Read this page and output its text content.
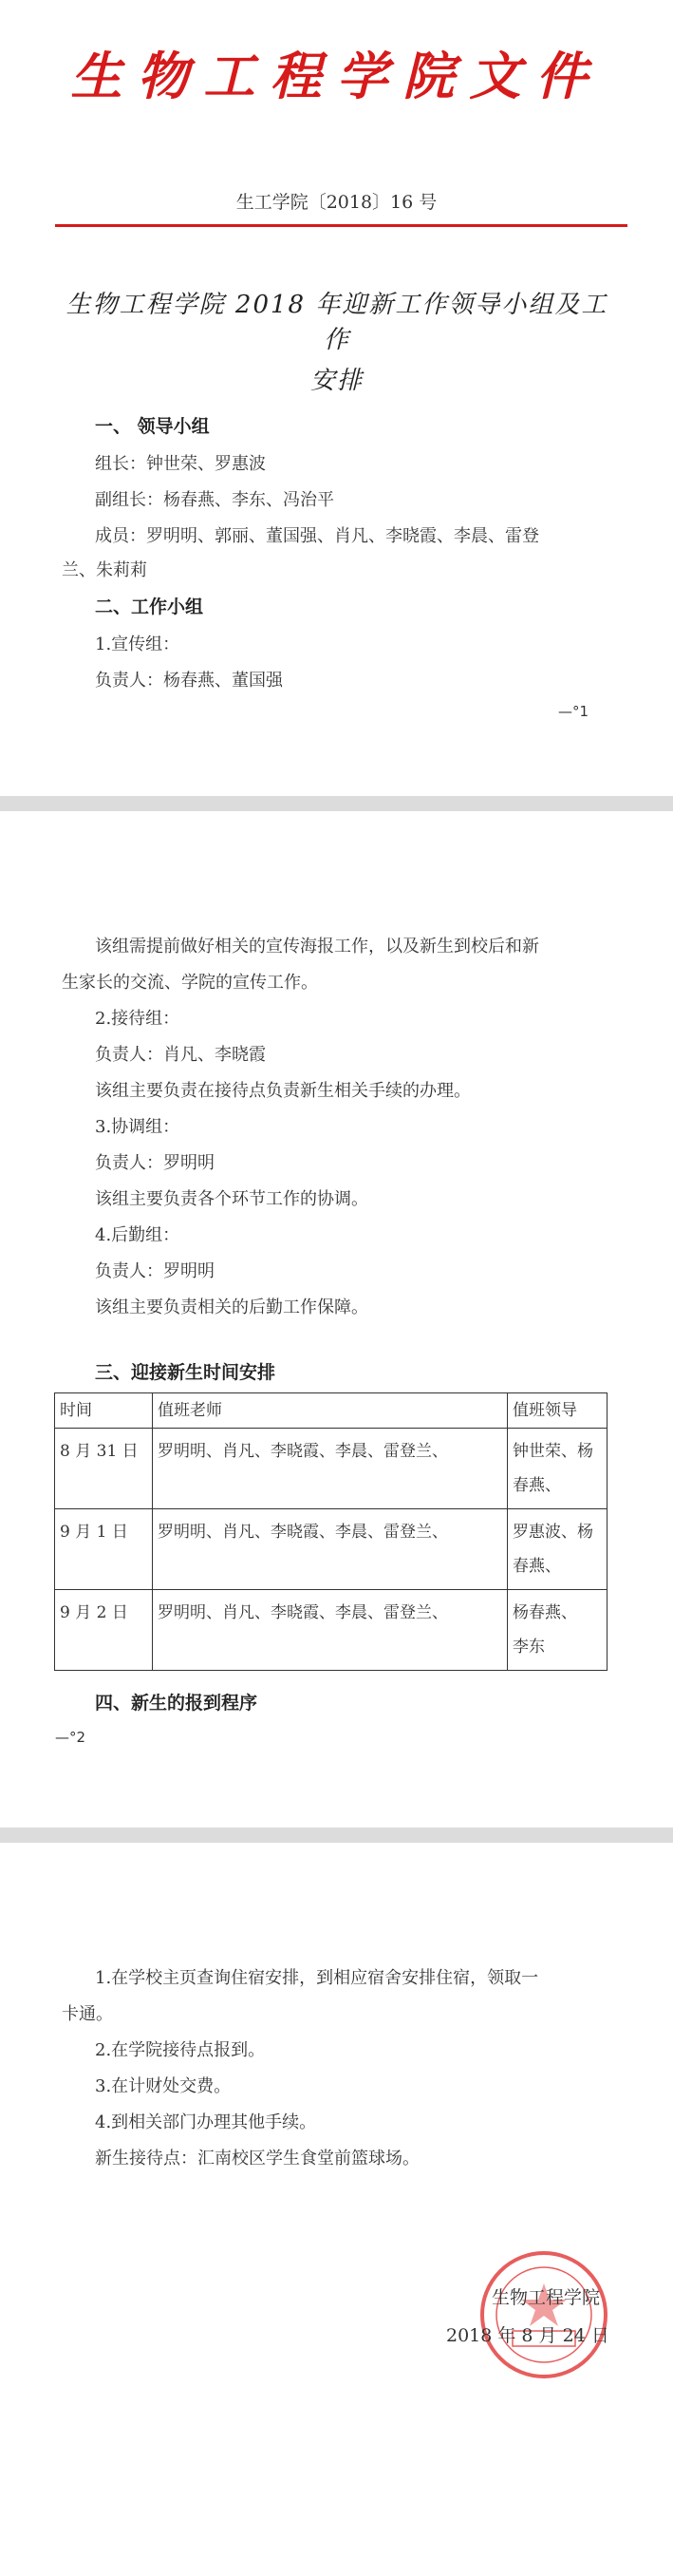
生物工程学院文件
生工学院〔2018〕16 号
生物工程学院 2018 年迎新工作领导小组及工作
安排
一、 领导小组
组长：钟世荣、罗惠波
副组长：杨春燕、李东、冯治平
成员：罗明明、郭丽、董国强、肖凡、李晓霞、李晨、雷登
兰、朱莉莉
二、工作小组
1.宣传组：
负责人：杨春燕、董国强
—°1
该组需提前做好相关的宣传海报工作，以及新生到校后和新
生家长的交流、学院的宣传工作。
2.接待组：
负责人：肖凡、李晓霞
该组主要负责在接待点负责新生相关手续的办理。
3.协调组：
负责人：罗明明
该组主要负责各个环节工作的协调。
4.后勤组：
负责人：罗明明
该组主要负责相关的后勤工作保障。
三、迎接新生时间安排
时间	值班老师	值班领导
8 月 31 日	罗明明、肖凡、李晓霞、李晨、雷登兰、	钟世荣、杨
春燕、
9 月 1 日	罗明明、肖凡、李晓霞、李晨、雷登兰、	罗惠波、杨
春燕、
9 月 2 日	罗明明、肖凡、李晓霞、李晨、雷登兰、	杨春燕、
李东
四、新生的报到程序
—°2
1.在学校主页查询住宿安排，到相应宿舍安排住宿，领取一
卡通。
2.在学院接待点报到。
3.在计财处交费。
4.到相关部门办理其他手续。
新生接待点：汇南校区学生食堂前篮球场。
生物工程学院
2018 年 8 月 24 日
